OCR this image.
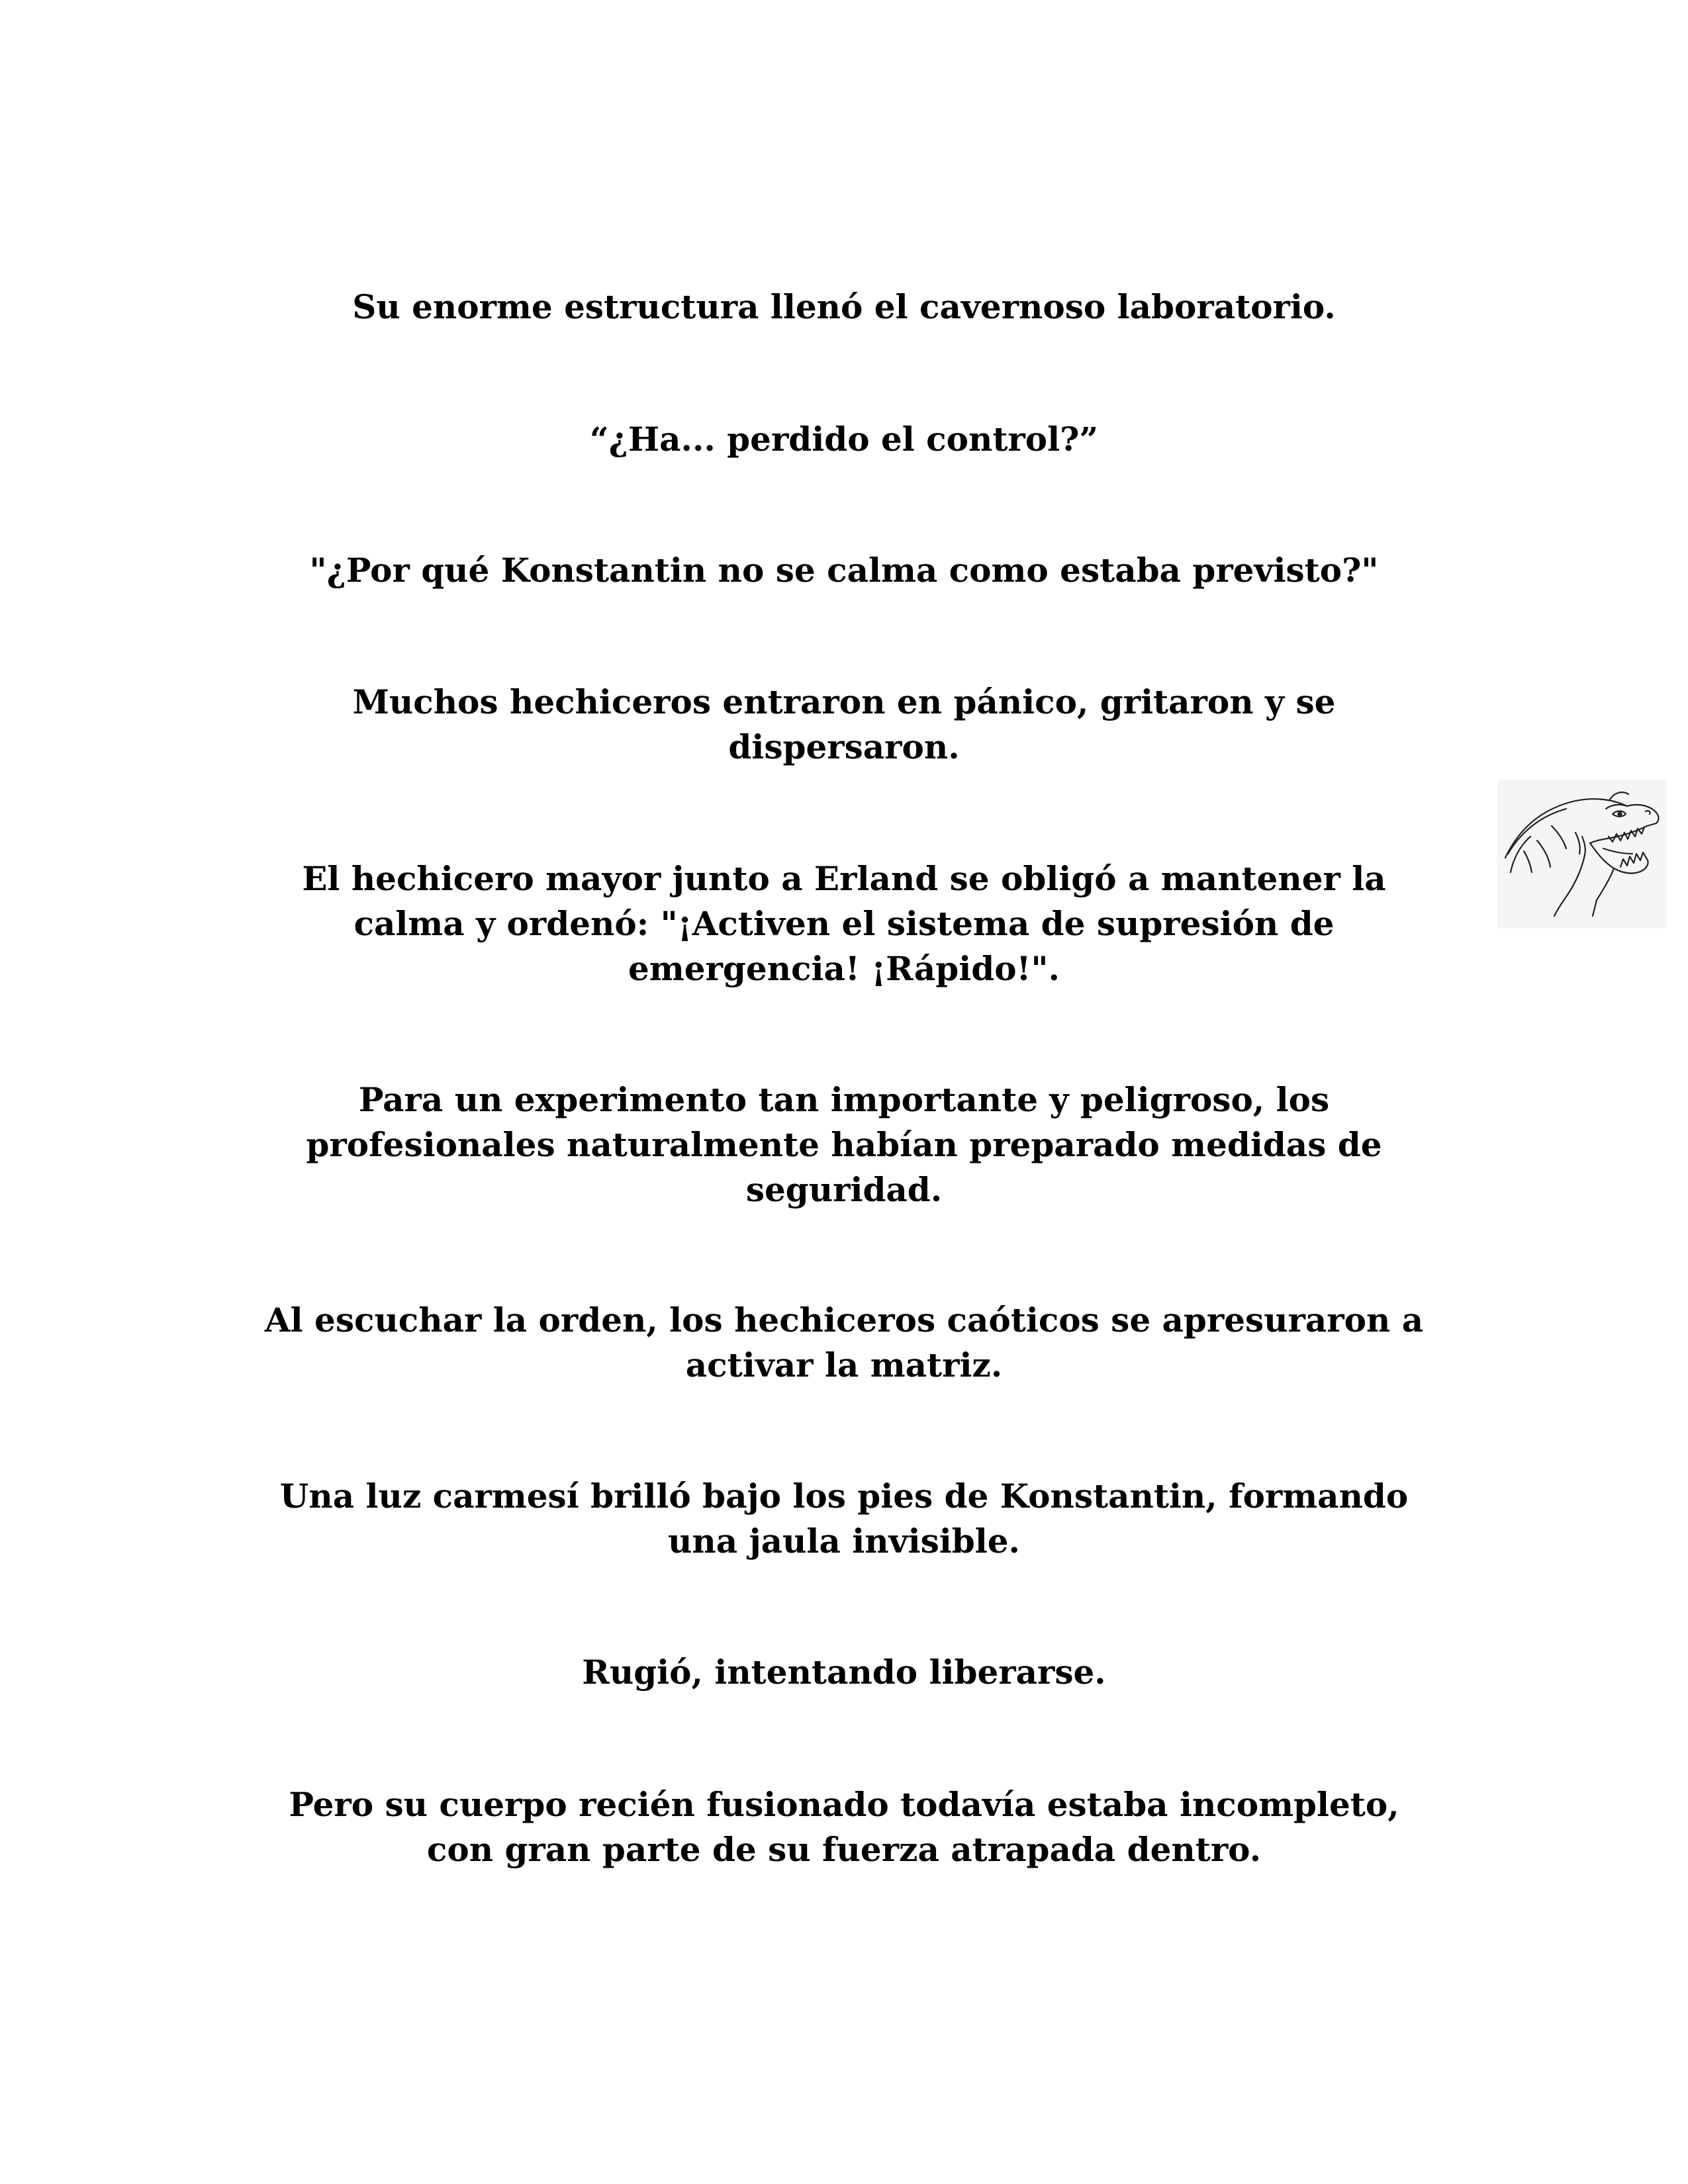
Su enorme estructura llenó el cavernoso laboratorio.

“¿Ha... perdido el control?”

"¿Por qué Konstantin no se calma como estaba previsto?"

Muchos hechiceros entraron en pánico, gritaron y se
dispersaron.

El hechicero mayor junto a Erland se obligó a mantener la
calma y ordenó: "¡Activen el sistema de supresión de
emergencia! ¡Rápido!".

Para un experimento tan importante y peligroso, los
profesionales naturalmente habían preparado medidas de
seguridad.

Al escuchar la orden, los hechiceros caóticos se apresuraron a
activar la matriz.

Una luz carmesí brilló bajo los pies de Konstantin, formando
una jaula invisible.

Rugió, intentando liberarse.

Pero su cuerpo recién fusionado todavía estaba incompleto,
con gran parte de su fuerza atrapada dentro.
